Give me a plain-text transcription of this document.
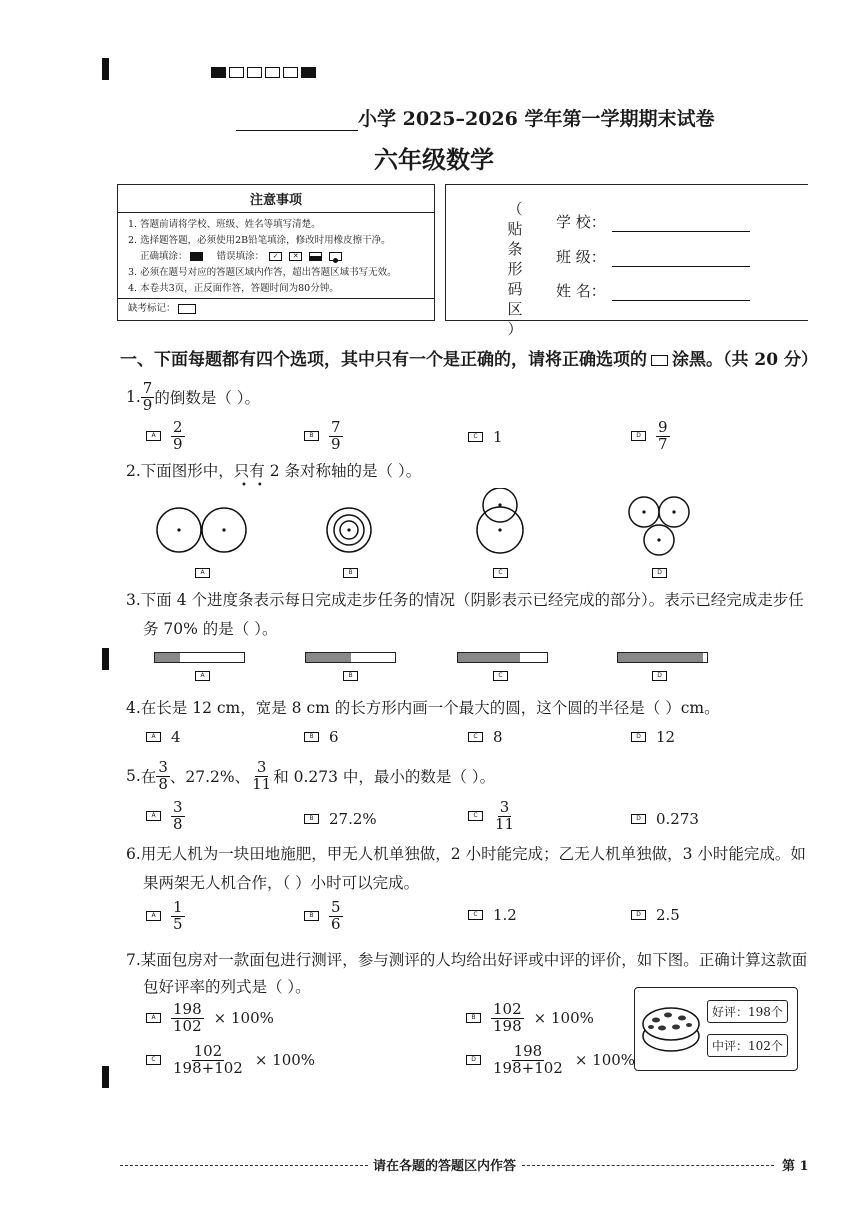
小学 2025–2026 学年第一学期期末试卷
六年级数学
注意事项
1. 答题前请将学校、班级、姓名等填写清楚。
2. 选择题答题，必须使用2B铅笔填涂，修改时用橡皮擦干净。
正确填涂：	错误填涂： ✓ ✕
3. 必须在题号对应的答题区域内作答，超出答题区域书写无效。
4. 本卷共3页，正反面作答，答题时间为80分钟。
缺考标记：
（
贴
条
形
码
区
）
学 校：
班 级：
姓 名：
一、下面每题都有四个选项，其中只有一个是正确的，请将正确选项的 涂黑。（共 20 分）
1. $\frac{7}{9}$ 的倒数是（ ）。
A	$\frac{2}{9}$	B	$\frac{7}{9}$	C	1	D	$\frac{9}{7}$
2.下面图形中，只有 2 条对称轴的是（ ）。
••
A	B	C	D
3.下面 4 个进度条表示每日完成走步任务的情况（阴影表示已经完成的部分）。表示已经完成走步任
务 70% 的是（ ）。
A	B	C	D
4.在长是 12 cm，宽是 8 cm 的长方形内画一个最大的圆，这个圆的半径是（ ）cm。
A	4	B	6	C	8	D	12
5. 在 $\frac{3}{8}$ 、27.2%、 $\frac{3}{11}$ 和 0.273 中，最小的数是（ ）。
A	$\frac{3}{8}$	B	27.2%	C	$\frac{3}{11}$	D	0.273
6.用无人机为一块田地施肥，甲无人机单独做，2 小时能完成；乙无人机单独做，3 小时能完成。如
果两架无人机合作，（ ）小时可以完成。
A	$\frac{1}{5}$	B	$\frac{5}{6}$	C	1.2	D	2.5
7.某面包房对一款面包进行测评，参与测评的人均给出好评或中评的评价，如下图。正确计算这款面
包好评率的列式是（ ）。
A	$\frac{198}{102} \times 100\%$	B	$\frac{102}{198} \times 100\%$
C	$\frac{102}{198+102} \times 100\%$	D	$\frac{198}{198+102} \times 100\%$
好评：198个
中评：102个
请在各题的答题区内作答	第 1
